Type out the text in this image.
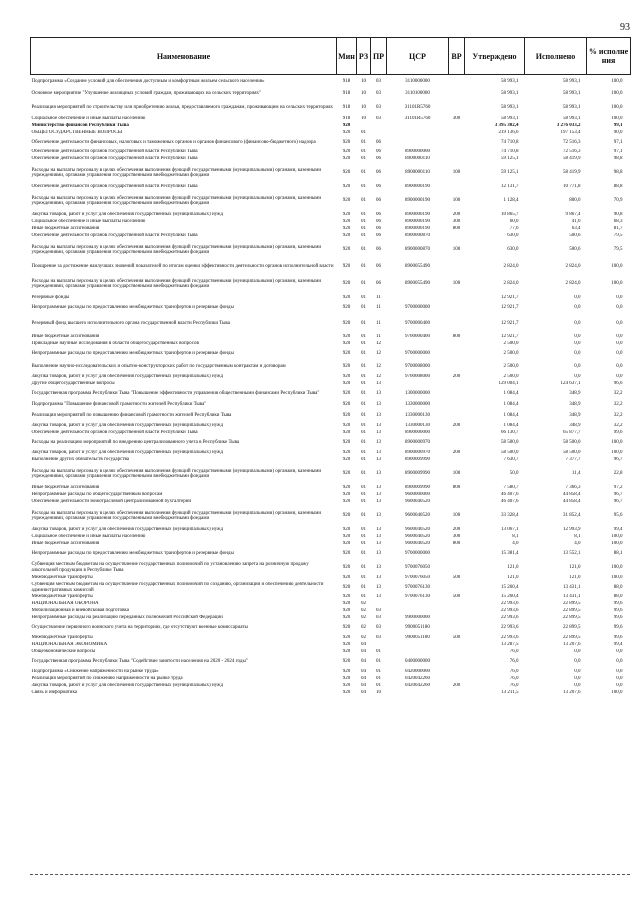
93
Наименование	Мин	РЗ	ПР	ЦСР	ВР	Утверждено	Исполнено	% исполне ния
Подпрограмма «Создание условий для обеспечения доступным и комфортным жильем сельского населения»	918	10	03	3110000000		58 993,1	58 993,1	100,0
Основное мероприятие "Улучшение жилищных условий граждан, проживающих на сельских территориях"	918	10	03	3110100000		58 993,1	58 993,1	100,0
Реализация мероприятий по строительству или приобретению жилья, предоставляемого гражданам, проживающим на сельских территориях	918	10	03	31101R5760		58 993,1	58 993,1	100,0
Социальное обеспечение и иные выплаты населению	918	10	03	31101R5760	300	58 993,1	58 993,1	100,0
Министерство финансов Республики Тыва	920					3 395 302,4	3 276 033,2	99,1
ОБЩЕГОСУДАРСТВЕННЫЕ ВОПРОСЫ	920	01				219 136,6	197 153,4	90,0
Обеспечение деятельности финансовых, налоговых и таможенных органов и органов финансового (финансово-бюджетного) надзора	920	01	06			74 710,8	72 516,3	97,1
Обеспечение деятельности органов государственной власти Республики Тыва	920	01	06	8900000000		74 710,8	72 516,3	97,1
Обеспечение деятельности органов государственной власти Республики Тыва	920	01	06	8900000110		59 125,1	58 419,9	98,8
Расходы на выплаты персоналу в целях обеспечения выполнения функций государственными (муниципальными) органами, казенными учреждениями, органами управления государственными внебюджетными фондами	920	01	06	8900000110	100	59 125,1	58 419,9	98,8
Обеспечение деятельности органов государственной власти Республики Тыва	920	01	06	8900000190		12 131,7	10 771,8	88,8
Расходы на выплаты персоналу в целях обеспечения выполнения функций государственными (муниципальными) органами, казенными учреждениями, органами управления государственными внебюджетными фондами	920	01	06	8900000190	100	1 128,4	800,0	70,9
Закупка товаров, работ и услуг для обеспечения государственных (муниципальных) нужд	920	01	06	8900000190	200	10 865,7	9 867,4	90,8
Социальное обеспечение и иные выплаты населению	920	01	06	8900000190	300	60,0	41,0	68,3
Иные бюджетные ассигнования	920	01	06	8900000190	800	77,6	63,4	81,7
Обеспечение деятельности органов государственной власти Республики Тыва	920	01	06	8900000870		630,0	500,6	79,5
Расходы на выплаты персоналу в целях обеспечения выполнения функций государственными (муниципальными) органами, казенными учреждениями, органами управления государственными внебюджетными фондами	920	01	06	8900000870	100	630,0	500,6	79,5
Поощрение за достижение наилучших значений показателей по итогам оценки эффективности деятельности органов исполнительной власти	920	01	06	8900055490		2 824,0	2 824,0	100,0
Расходы на выплаты персоналу в целях обеспечения выполнения функций государственными (муниципальными) органами, казенными учреждениями, органами управления государственными внебюджетными фондами	920	01	06	8900055490	100	2 824,0	2 824,0	100,0
Резервные фонды	920	01	11			12 921,7	0,0	0,0
Непрограммные расходы по предоставлению межбюджетных трансфертов и резервные фонды	920	01	11	9700000000		12 921,7	0,0	0,0
Резервный фонд высшего исполнительного органа государственной власти Республики Тыва	920	01	11	9700000400		12 921,7	0,0	0,0
Иные бюджетные ассигнования	920	01	11	9700000400	800	12 921,7	0,0	0,0
Прикладные научные исследования в области общегосударственных вопросов	920	01	12			2 500,0	0,0	0,0
Непрограммные расходы по предоставлению межбюджетных трансфертов и резервные фонды	920	01	12	9700000000		2 500,0	0,0	0,0
Выполнение научно-исследовательских и опытно-конструкторских работ по государственным контрактам и договорам	920	01	12	9700008000		2 500,0	0,0	0,0
Закупка товаров, работ и услуг для обеспечения государственных (муниципальных) нужд	920	01	12	9700008000	200	2 500,0	0,0	0,0
Другие общегосударственные вопросы	920	01	13			129 004,1	124 637,1	96,6
Государственная программа Республики Тыва "Повышение эффективности управления общественными финансами Республики Тыва"	920	01	13	1300000000		1 084,4	348,9	32,2
Подпрограмма "Повышение финансовой грамотности жителей Республики Тыва"	920	01	13	1330000000		1 084,4	348,9	32,2
Реализация мероприятий по повышению финансовой грамотности жителей Республики Тыва	920	01	13	1330000130		1 084,4	348,9	32,2
Закупка товаров, работ и услуг для обеспечения государственных (муниципальных) нужд	920	01	13	1330000130	200	1 084,4	348,9	32,2
Обеспечение деятельности органов государственной власти Республики Тыва	920	01	13	8900000000		66 130,7	65 877,7	99,6
Расходы на реализацию мероприятий по внедрению централизованного учета в Республике Тыва	920	01	13	8900000970		58 500,0	58 500,0	100,0
Закупка товаров, работ и услуг для обеспечения государственных (муниципальных) нужд	920	01	13	8900000970	200	58 500,0	58 500,0	100,0
Выполнение других обязательств государства	920	01	13	8900009990		7 630,7	7 377,7	96,7
Расходы на выплаты персоналу в целях обеспечения выполнения функций государственными (муниципальными) органами, казенными учреждениями, органами управления государственными внебюджетными фондами	920	01	13	8900009990	100	50,0	11,4	22,8
Иные бюджетные ассигнования	920	01	13	8900009990	800	7 580,7	7 366,3	97,2
Непрограммные расходы по общегосударственным вопросам	920	01	13	9600000000		46 407,6	44 858,4	96,7
Обеспечение деятельности межотраслевой централизованной бухгалтерии	920	01	13	9600040520		46 407,6	44 858,4	96,7
Расходы на выплаты персоналу в целях обеспечения выполнения функций государственными (муниципальными) органами, казенными учреждениями, органами управления государственными внебюджетными фондами	920	01	13	9600040520	100	33 328,4	31 852,4	95,6
Закупка товаров, работ и услуг для обеспечения государственных (муниципальных) нужд	920	01	13	9600040520	200	13 067,1	12 993,9	99,4
Социальное обеспечение и иные выплаты населению	920	01	13	9600040520	300	8,1	8,1	100,0
Иные бюджетные ассигнования	920	01	13	9600040520	800	4,0	4,0	100,0
Непрограммные расходы по предоставлению межбюджетных трансфертов и резервные фонды	920	01	13	9700000000		15 381,4	13 552,1	88,1
Субвенция местным бюджетам на осуществление государственных полномочий по установлению запрета на розничную продажу алкогольной продукции в Республике Тыва	920	01	13	9700076050		121,0	121,0	100,0
Межбюджетные трансферты	920	01	13	9700076050	500	121,0	121,0	100,0
Субвенция местным бюджетам на осуществление государственных полномочий по созданию, организации и обеспечению деятельности административных комиссий	920	01	13	9700076130		15 260,4	13 431,1	88,0
Межбюджетные трансферты	920	01	13	9700076130	500	15 260,4	13 431,1	88,0
НАЦИОНАЛЬНАЯ ОБОРОНА	920	02				22 993,6	22 899,5	99,6
Мобилизационная и вневойсковая подготовка	920	02	03			22 993,6	22 899,5	99,6
Непрограммные расходы на реализацию переданных полномочий Российской Федерации	920	02	03	9900000000		22 993,6	22 899,5	99,6
Осуществление первичного воинского учета на территориях, где отсутствуют военные комиссариаты	920	02	03	9900051180		22 993,6	22 899,5	99,6
Межбюджетные трансферты	920	02	03	9900051180	500	22 993,6	22 899,5	99,6
НАЦИОНАЛЬНАЯ ЭКОНОМИКА	920	04				13 287,5	13 207,6	99,4
Общеэкономические вопросы	920	04	01			76,0	0,0	0,0
Государственная программа Республики Тыва "Содействие занятости населения на 2020 - 2024 годы"	920	04	01	0400000000		76,0	0,0	0,0
Подпрограмма «Снижение напряженности на рынке труда»	920	04	01	0420000000		76,0	0,0	0,0
Реализация мероприятий по снижению напряженности на рынке труда	920	04	01	0420042260		76,0	0,0	0,0
Закупка товаров, работ и услуг для обеспечения государственных (муниципальных) нужд	920	04	01	0420042260	200	76,0	0,0	0,0
Связь и информатика	920	04	10			13 211,5	13 207,6	100,0
